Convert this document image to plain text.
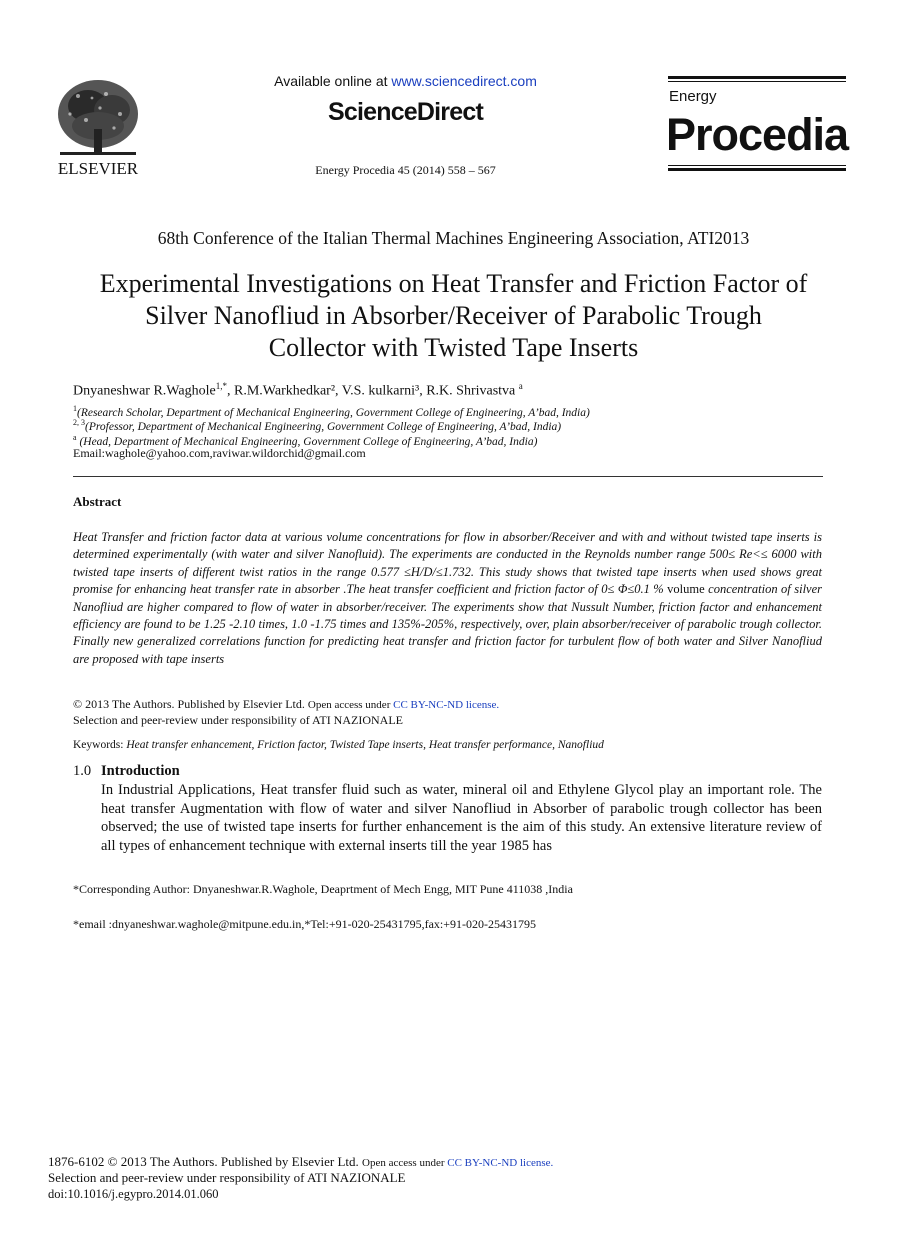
ELSEVIER
Available online at www.sciencedirect.com
ScienceDirect
Energy Procedia 45 (2014) 558 – 567
Energy
Procedia
68th Conference of the Italian Thermal Machines Engineering Association, ATI2013
Experimental Investigations on Heat Transfer and Friction Factor of
Silver Nanofliud in Absorber/Receiver of Parabolic Trough
Collector with Twisted Tape Inserts
Dnyaneshwar R.Waghole$^{1,*}$, R.M.Warkhedkar², V.S. kulkarni³, R.K. Shrivastva $^a$
$^1$(Research Scholar, Department of Mechanical Engineering, Government College of Engineering, A’bad, India)
$^{2, 3}$(Professor, Department of Mechanical Engineering, Government College of Engineering, A’bad, India)
$^a$ (Head, Department of Mechanical Engineering, Government College of Engineering, A’bad, India)
Email:waghole@yahoo.com,raviwar.wildorchid@gmail.com
Abstract
Heat Transfer and friction factor data at various volume concentrations for flow in absorber/Receiver and with and without twisted tape inserts is determined experimentally (with water and silver Nanofluid). The experiments are conducted in the Reynolds number range 500≤ Re<≤ 6000 with twisted tape inserts of different twist ratios in the range 0.577 ≤H/D/≤1.732. This study shows that twisted tape inserts when used shows great promise for enhancing heat transfer rate in absorber .The heat transfer coefficient and friction factor of 0≤ Φ≤0.1 % volume concentration of silver Nanofliud are higher compared to flow of water in absorber/receiver. The experiments show that Nussult Number, friction factor and enhancement efficiency are found to be 1.25 -2.10 times, 1.0 -1.75 times and 135%-205%, respectively, over, plain absorber/receiver of parabolic trough collector. Finally new generalized correlations function for predicting heat transfer and friction factor for turbulent flow of both water and Silver Nanofliud are proposed with tape inserts
© 2013 The Authors. Published by Elsevier Ltd. Open access under CC BY-NC-ND license.
Selection and peer-review under responsibility of ATI NAZIONALE
Keywords: Heat transfer enhancement, Friction factor, Twisted Tape inserts, Heat transfer performance, Nanofliud
1.0 Introduction
In Industrial Applications, Heat transfer fluid such as water, mineral oil and Ethylene Glycol play an important role. The heat transfer Augmentation with flow of water and silver Nanofliud in Absorber of parabolic trough collector has been observed; the use of twisted tape inserts for further enhancement is the aim of this study. An extensive literature review of all types of enhancement technique with external inserts till the year 1985 has
*Corresponding Author: Dnyaneshwar.R.Waghole, Deaprtment of Mech Engg, MIT Pune 411038 ,India
*email :dnyaneshwar.waghole@mitpune.edu.in,*Tel:+91-020-25431795,fax:+91-020-25431795
1876-6102 © 2013 The Authors. Published by Elsevier Ltd. Open access under CC BY-NC-ND license.
Selection and peer-review under responsibility of ATI NAZIONALE
doi:10.1016/j.egypro.2014.01.060
